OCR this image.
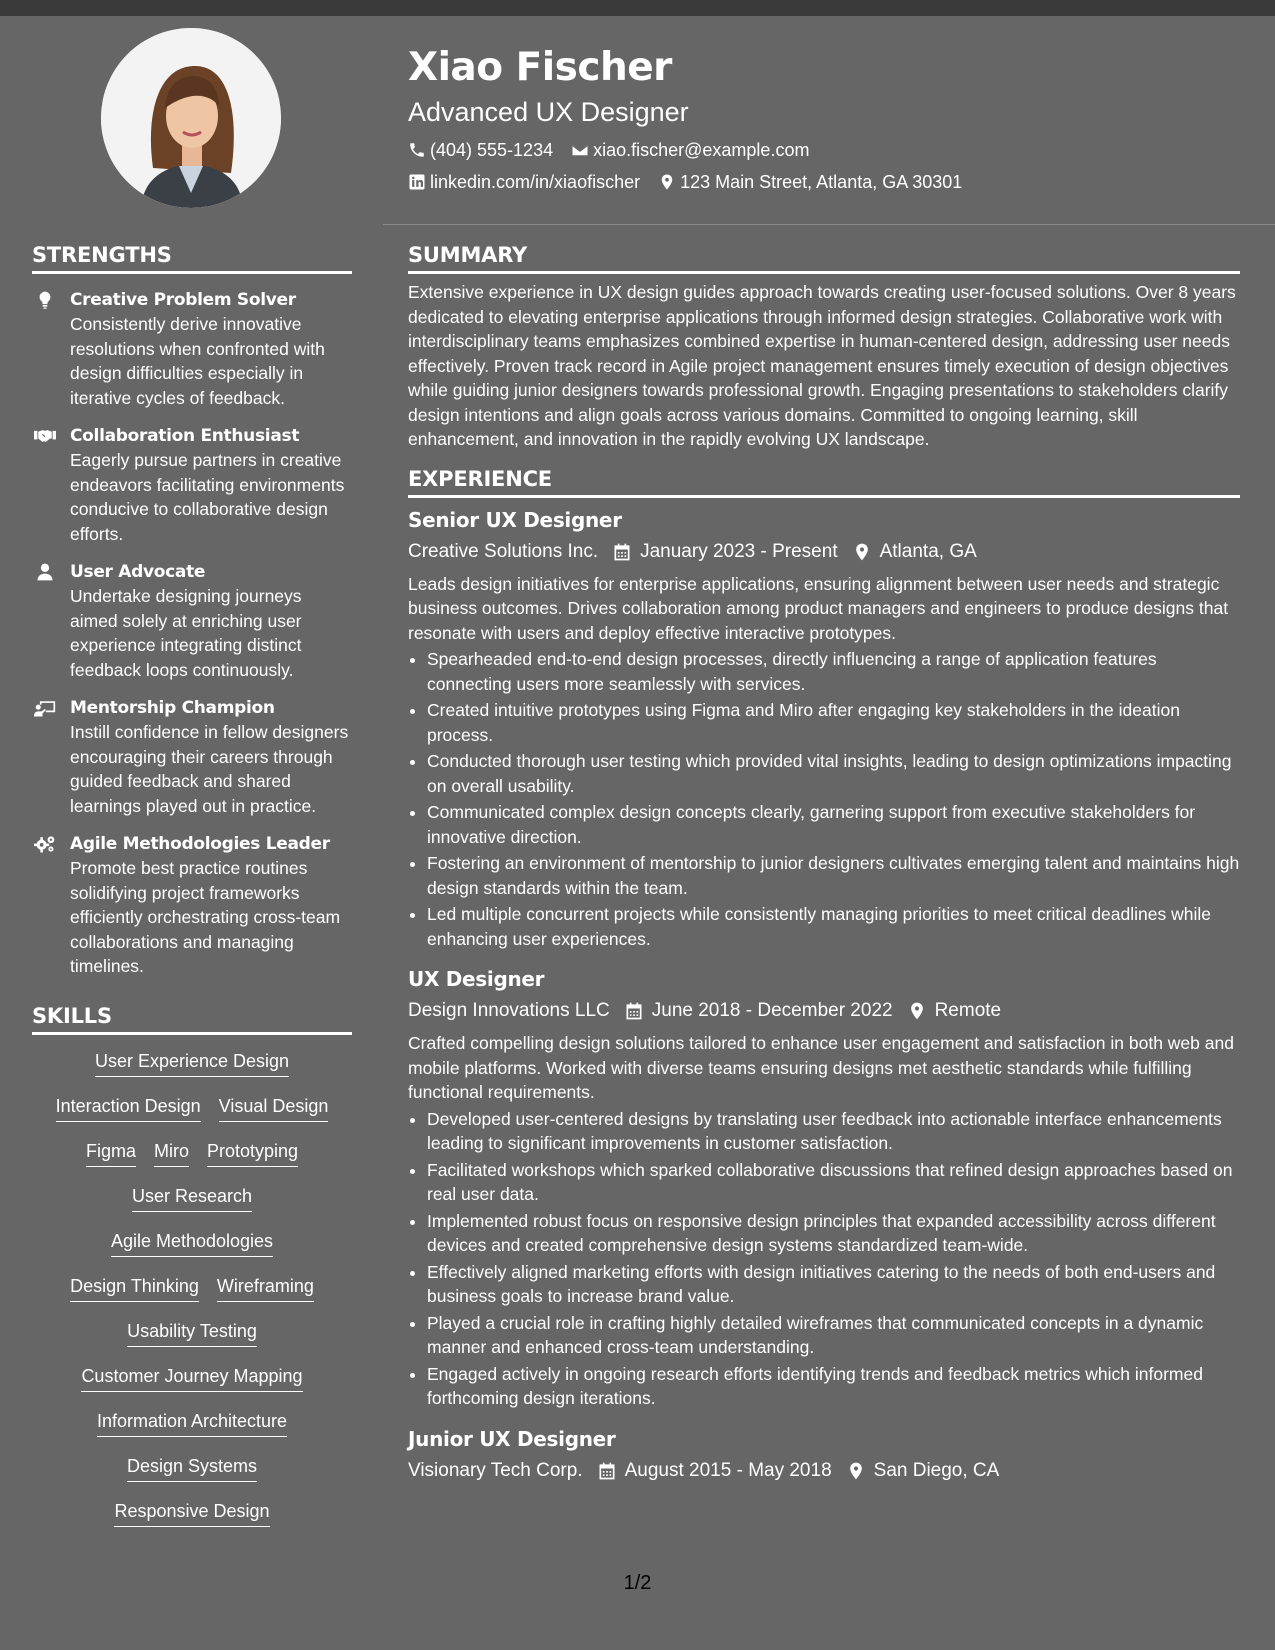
Xiao Fischer
Advanced UX Designer
(404) 555-1234 xiao.fischer@example.com
linkedin.com/in/xiaofischer 123 Main Street, Atlanta, GA 30301
STRENGTHS
Creative Problem Solver
Consistently derive innovative resolutions when confronted with design difficulties especially in iterative cycles of feedback.
Collaboration Enthusiast
Eagerly pursue partners in creative endeavors facilitating environments conducive to collaborative design efforts.
User Advocate
Undertake designing journeys aimed solely at enriching user experience integrating distinct feedback loops continuously.
Mentorship Champion
Instill confidence in fellow designers encouraging their careers through guided feedback and shared learnings played out in practice.
Agile Methodologies Leader
Promote best practice routines solidifying project frameworks efficiently orchestrating cross-team collaborations and managing timelines.
SKILLS
User Experience Design
Interaction Design Visual Design
Figma Miro Prototyping
User Research
Agile Methodologies
Design Thinking Wireframing
Usability Testing
Customer Journey Mapping
Information Architecture
Design Systems
Responsive Design
SUMMARY
Extensive experience in UX design guides approach towards creating user-focused solutions. Over 8 years dedicated to elevating enterprise applications through informed design strategies. Collaborative work with interdisciplinary teams emphasizes combined expertise in human-centered design, addressing user needs effectively. Proven track record in Agile project management ensures timely execution of design objectives while guiding junior designers towards professional growth. Engaging presentations to stakeholders clarify design intentions and align goals across various domains. Committed to ongoing learning, skill enhancement, and innovation in the rapidly evolving UX landscape.
EXPERIENCE
Senior UX Designer
Creative Solutions Inc. January 2023 - Present Atlanta, GA
Leads design initiatives for enterprise applications, ensuring alignment between user needs and strategic business outcomes. Drives collaboration among product managers and engineers to produce designs that resonate with users and deploy effective interactive prototypes.
• Spearheaded end-to-end design processes, directly influencing a range of application features connecting users more seamlessly with services.
• Created intuitive prototypes using Figma and Miro after engaging key stakeholders in the ideation process.
• Conducted thorough user testing which provided vital insights, leading to design optimizations impacting on overall usability.
• Communicated complex design concepts clearly, garnering support from executive stakeholders for innovative direction.
• Fostering an environment of mentorship to junior designers cultivates emerging talent and maintains high design standards within the team.
• Led multiple concurrent projects while consistently managing priorities to meet critical deadlines while enhancing user experiences.
UX Designer
Design Innovations LLC June 2018 - December 2022 Remote
Crafted compelling design solutions tailored to enhance user engagement and satisfaction in both web and mobile platforms. Worked with diverse teams ensuring designs met aesthetic standards while fulfilling functional requirements.
• Developed user-centered designs by translating user feedback into actionable interface enhancements leading to significant improvements in customer satisfaction.
• Facilitated workshops which sparked collaborative discussions that refined design approaches based on real user data.
• Implemented robust focus on responsive design principles that expanded accessibility across different devices and created comprehensive design systems standardized team-wide.
• Effectively aligned marketing efforts with design initiatives catering to the needs of both end-users and business goals to increase brand value.
• Played a crucial role in crafting highly detailed wireframes that communicated concepts in a dynamic manner and enhanced cross-team understanding.
• Engaged actively in ongoing research efforts identifying trends and feedback metrics which informed forthcoming design iterations.
Junior UX Designer
Visionary Tech Corp. August 2015 - May 2018 San Diego, CA
1/2
